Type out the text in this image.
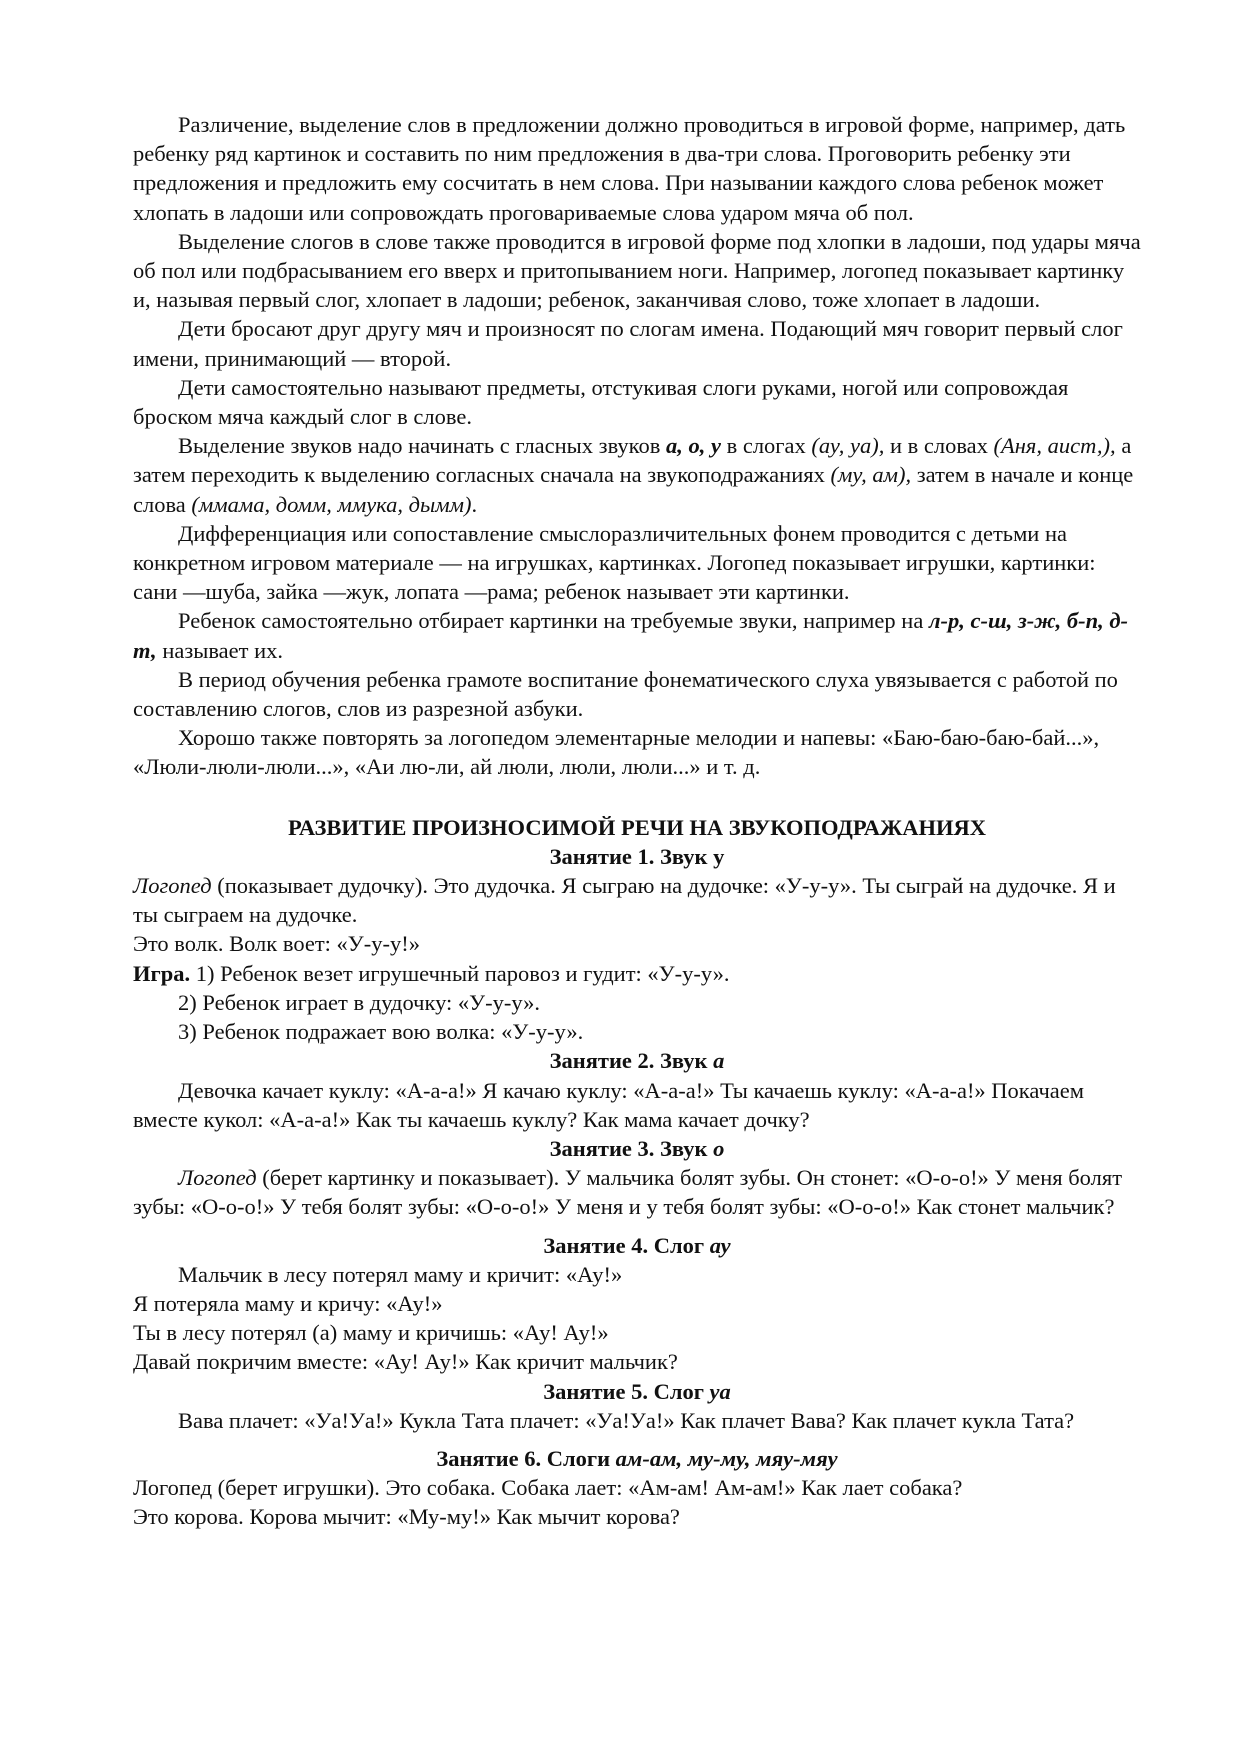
Различение, выделение слов в предложении должно проводиться в игровой форме, например, дать ребенку ряд картинок и составить по ним предложения в два-три слова. Проговорить ребенку эти предложения и предложить ему сосчитать в нем слова. При назывании каждого слова ребенок может хлопать в ладоши или сопровождать проговариваемые слова ударом мяча об пол.

Выделение слогов в слове также проводится в игровой форме под хлопки в ладоши, под удары мяча об пол или подбрасыванием его вверх и притопыванием ноги. Например, логопед показывает картинку и, называя первый слог, хлопает в ладоши; ребенок, заканчивая слово, тоже хлопает в ладоши.

Дети бросают друг другу мяч и произносят по слогам имена. Подающий мяч говорит первый слог имени, принимающий — второй.

Дети самостоятельно называют предметы, отстукивая слоги руками, ногой или сопровождая броском мяча каждый слог в слове.

Выделение звуков надо начинать с гласных звуков а, о, у в слогах (ау, уа), и в словах (Аня, аист,), а затем переходить к выделению согласных сначала на звукоподражаниях (му, ам), затем в начале и конце слова (ммама, домм, ммука, дымм).

Дифференциация или сопоставление смыслоразличительных фонем проводится с детьми на конкретном игровом материале — на игрушках, картинках. Логопед показывает игрушки, картинки: сани —шуба, зайка —жук, лопата —рама; ребенок называет эти картинки.

Ребенок самостоятельно отбирает картинки на требуемые звуки, например на л-р, с-ш, з-ж, б-п, д-т, называет их.

В период обучения ребенка грамоте воспитание фонематического слуха увязывается с работой по составлению слогов, слов из разрезной азбуки.

Хорошо также повторять за логопедом элементарные мелодии и напевы: «Баю-баю-баю-бай...», «Люли-люли-люли...», «Аи лю-ли, ай люли, люли, люли...» и т. д.

РАЗВИТИЕ ПРОИЗНОСИМОЙ РЕЧИ НА ЗВУКОПОДРАЖАНИЯХ

Занятие 1. Звук у

Логопед (показывает дудочку). Это дудочка. Я сыграю на дудочке: «У-у-у». Ты сыграй на дудочке. Я и ты сыграем на дудочке.

Это волк. Волк воет: «У-у-у!»

Игра. 1) Ребенок везет игрушечный паровоз и гудит: «У-у-у».

2) Ребенок играет в дудочку: «У-у-у».

3) Ребенок подражает вою волка: «У-у-у».

Занятие 2. Звук а

Девочка качает куклу: «А-а-а!» Я качаю куклу: «А-а-а!» Ты качаешь куклу: «А-а-а!» Покачаем вместе кукол: «А-а-а!» Как ты качаешь куклу? Как мама качает дочку?

Занятие 3. Звук о

Логопед (берет картинку и показывает). У мальчика болят зубы. Он стонет: «О-о-о!» У меня болят зубы: «О-о-о!» У тебя болят зубы: «О-о-о!» У меня и у тебя болят зубы: «О-о-о!» Как стонет мальчик?

Занятие 4. Слог ау

Мальчик в лесу потерял маму и кричит: «Ау!»

Я потеряла маму и кричу: «Ау!»

Ты в лесу потерял (а) маму и кричишь: «Ау! Ау!»

Давай покричим вместе: «Ау! Ау!» Как кричит мальчик?

Занятие 5. Слог уа

Вава плачет: «Уа!Уа!» Кукла Тата плачет: «Уа!Уа!» Как плачет Вава? Как плачет кукла Тата?

Занятие 6. Слоги ам-ам, му-му, мяу-мяу

Логопед (берет игрушки). Это собака. Собака лает: «Ам-ам! Ам-ам!» Как лает собака?

Это корова. Корова мычит: «Му-му!» Как мычит корова?
